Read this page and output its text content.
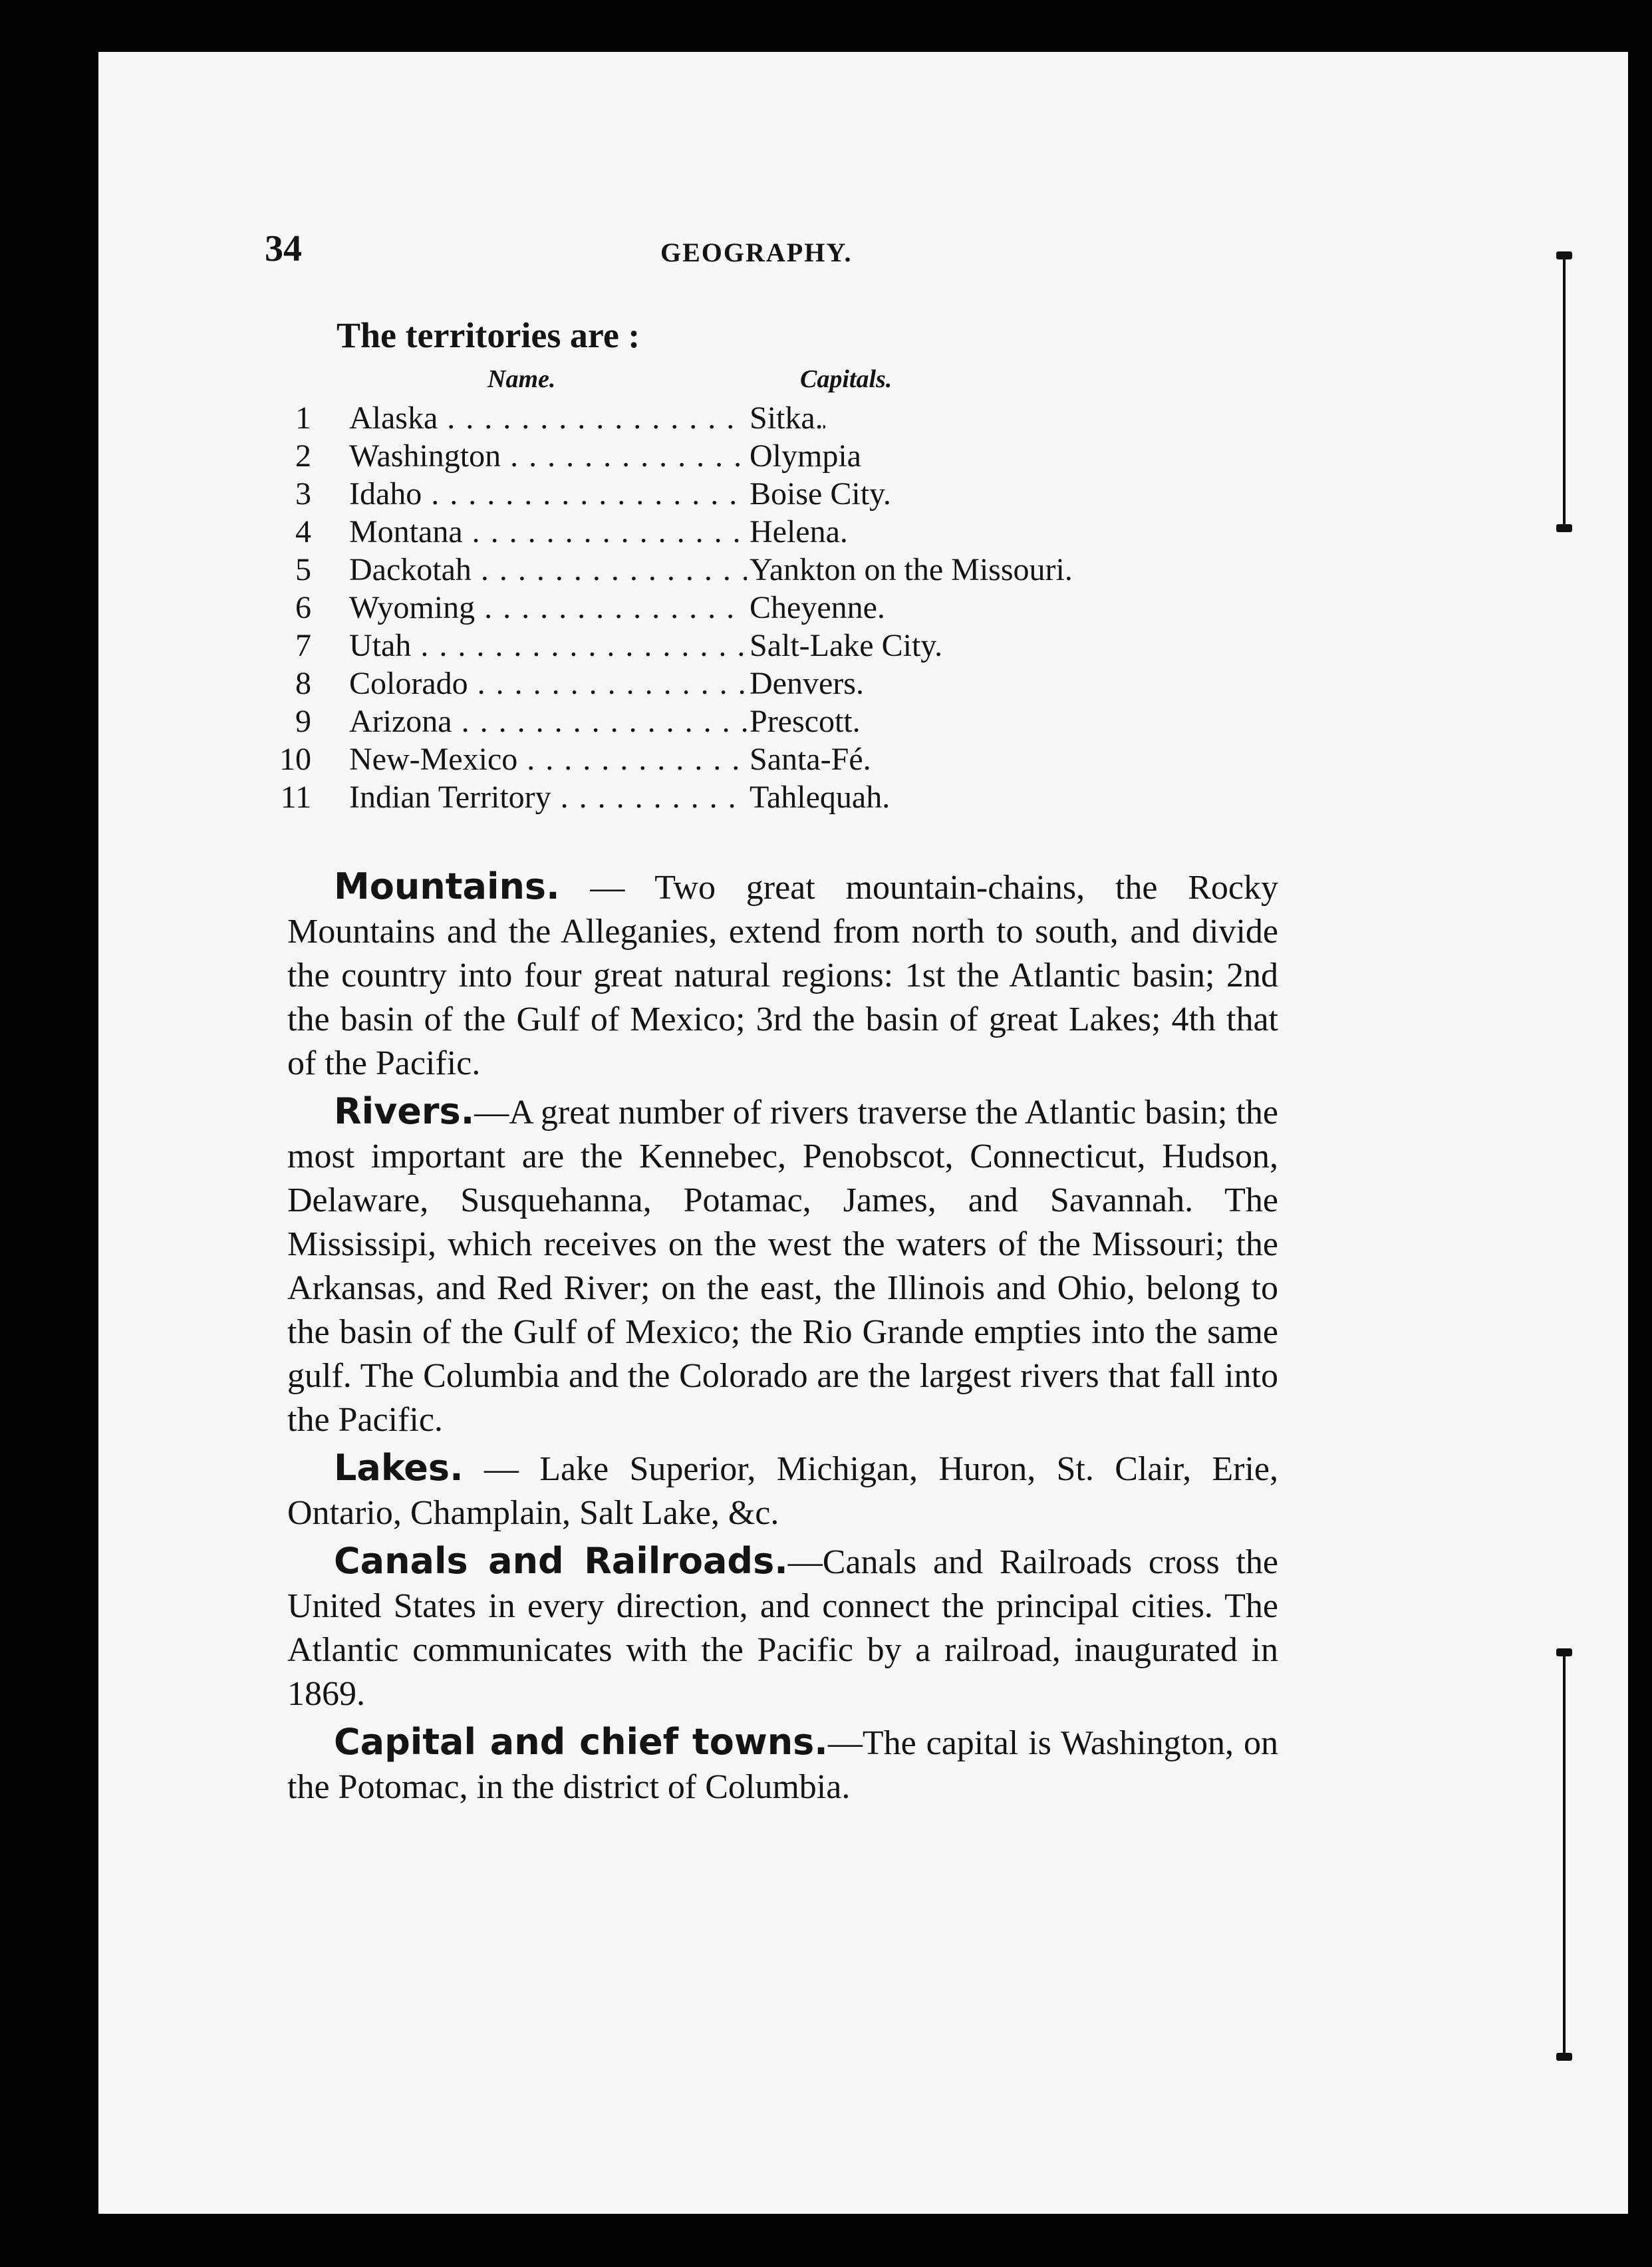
34	GEOGRAPHY.
The territories are :
Name.	Capitals.
1 Alaska . . .	Sitka.
2 Washington . . .	Olympia
3 Idaho . . .	Boise City.
4 Montana . . .	Helena.
5 Dackotah . . .	Yankton on the Missouri.
6 Wyoming . . .	Cheyenne.
7 Utah . . .	Salt-Lake City.
8 Colorado . . .	Denvers.
9 Arizona . . .	Prescott.
10 New-Mexico . . .	Santa-Fé.
11 Indian Territory . . .	Tahlequah.

Mountains. — Two great mountain-chains, the Rocky Mountains and the Alleganies, extend from north to south, and divide the country into four great natural regions: 1st the Atlantic basin; 2nd the basin of the Gulf of Mexico; 3rd the basin of great Lakes; 4th that of the Pacific.

Rivers.—A great number of rivers traverse the Atlantic basin; the most important are the Kennebec, Penobscot, Connecticut, Hudson, Delaware, Susquehanna, Potamac, James, and Savannah. The Mississipi, which receives on the west the waters of the Missouri; the Arkansas, and Red River; on the east, the Illinois and Ohio, belong to the basin of the Gulf of Mexico; the Rio Grande empties into the same gulf. The Columbia and the Colorado are the largest rivers that fall into the Pacific.

Lakes. — Lake Superior, Michigan, Huron, St. Clair, Erie, Ontario, Champlain, Salt Lake, &c.

Canals and Railroads.—Canals and Railroads cross the United States in every direction, and connect the principal cities. The Atlantic communicates with the Pacific by a railroad, inaugurated in 1869.

Capital and chief towns.—The capital is Washington, on the Potomac, in the district of Columbia.
